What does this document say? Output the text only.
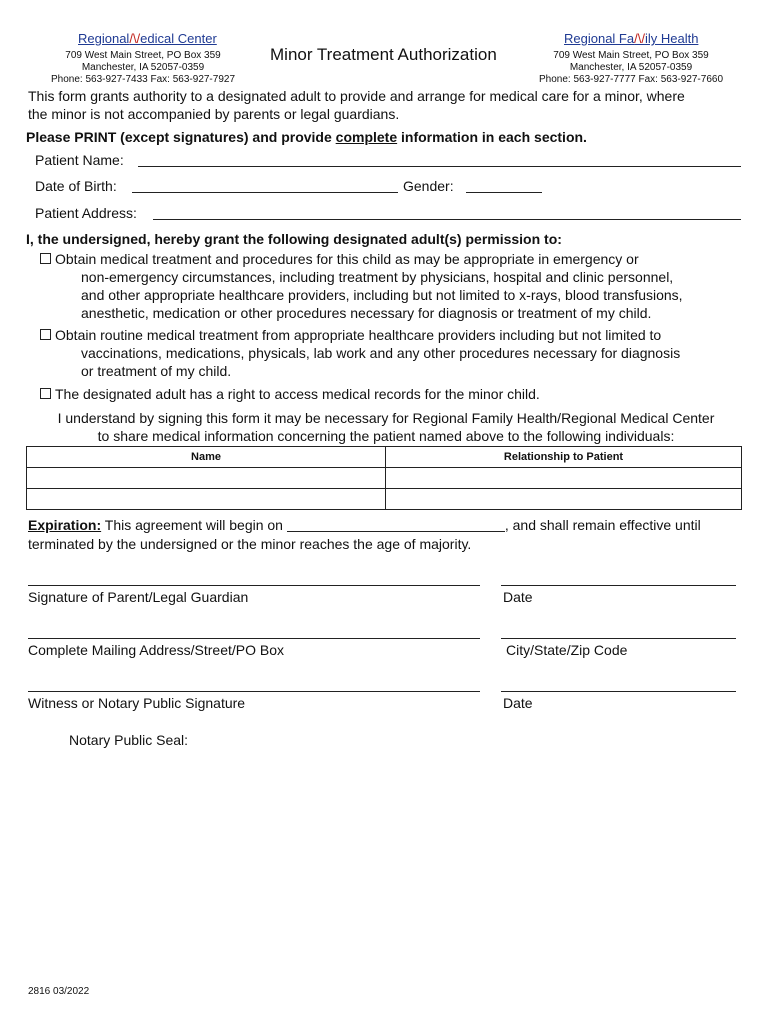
Regional/\/edical Center
709 West Main Street, PO Box 359
Manchester, IA 52057-0359
Phone: 563-927-7433 Fax: 563-927-7927
Minor Treatment Authorization
Regional Fa/\/ily Health
709 West Main Street, PO Box 359
Manchester, IA 52057-0359
Phone: 563-927-7777 Fax: 563-927-7660
This form grants authority to a designated adult to provide and arrange for medical care for a minor, where
the minor is not accompanied by parents or legal guardians.
Please PRINT (except signatures) and provide complete information in each section.
Patient Name:
Date of Birth:	Gender:
Patient Address:
I, the undersigned, hereby grant the following designated adult(s) permission to:
Obtain medical treatment and procedures for this child as may be appropriate in emergency or
non-emergency circumstances, including treatment by physicians, hospital and clinic personnel,
and other appropriate healthcare providers, including but not limited to x-rays, blood transfusions,
anesthetic, medication or other procedures necessary for diagnosis or treatment of my child.
Obtain routine medical treatment from appropriate healthcare providers including but not limited to
vaccinations, medications, physicals, lab work and any other procedures necessary for diagnosis
or treatment of my child.
The designated adult has a right to access medical records for the minor child.
I understand by signing this form it may be necessary for Regional Family Health/Regional Medical Center
to share medical information concerning the patient named above to the following individuals:
Name	Relationship to Patient

Expiration: This agreement will begin on	, and shall remain effective until
terminated by the undersigned or the minor reaches the age of majority.
Signature of Parent/Legal Guardian	Date
Complete Mailing Address/Street/PO Box	City/State/Zip Code
Witness or Notary Public Signature	Date
Notary Public Seal:
2816 03/2022
